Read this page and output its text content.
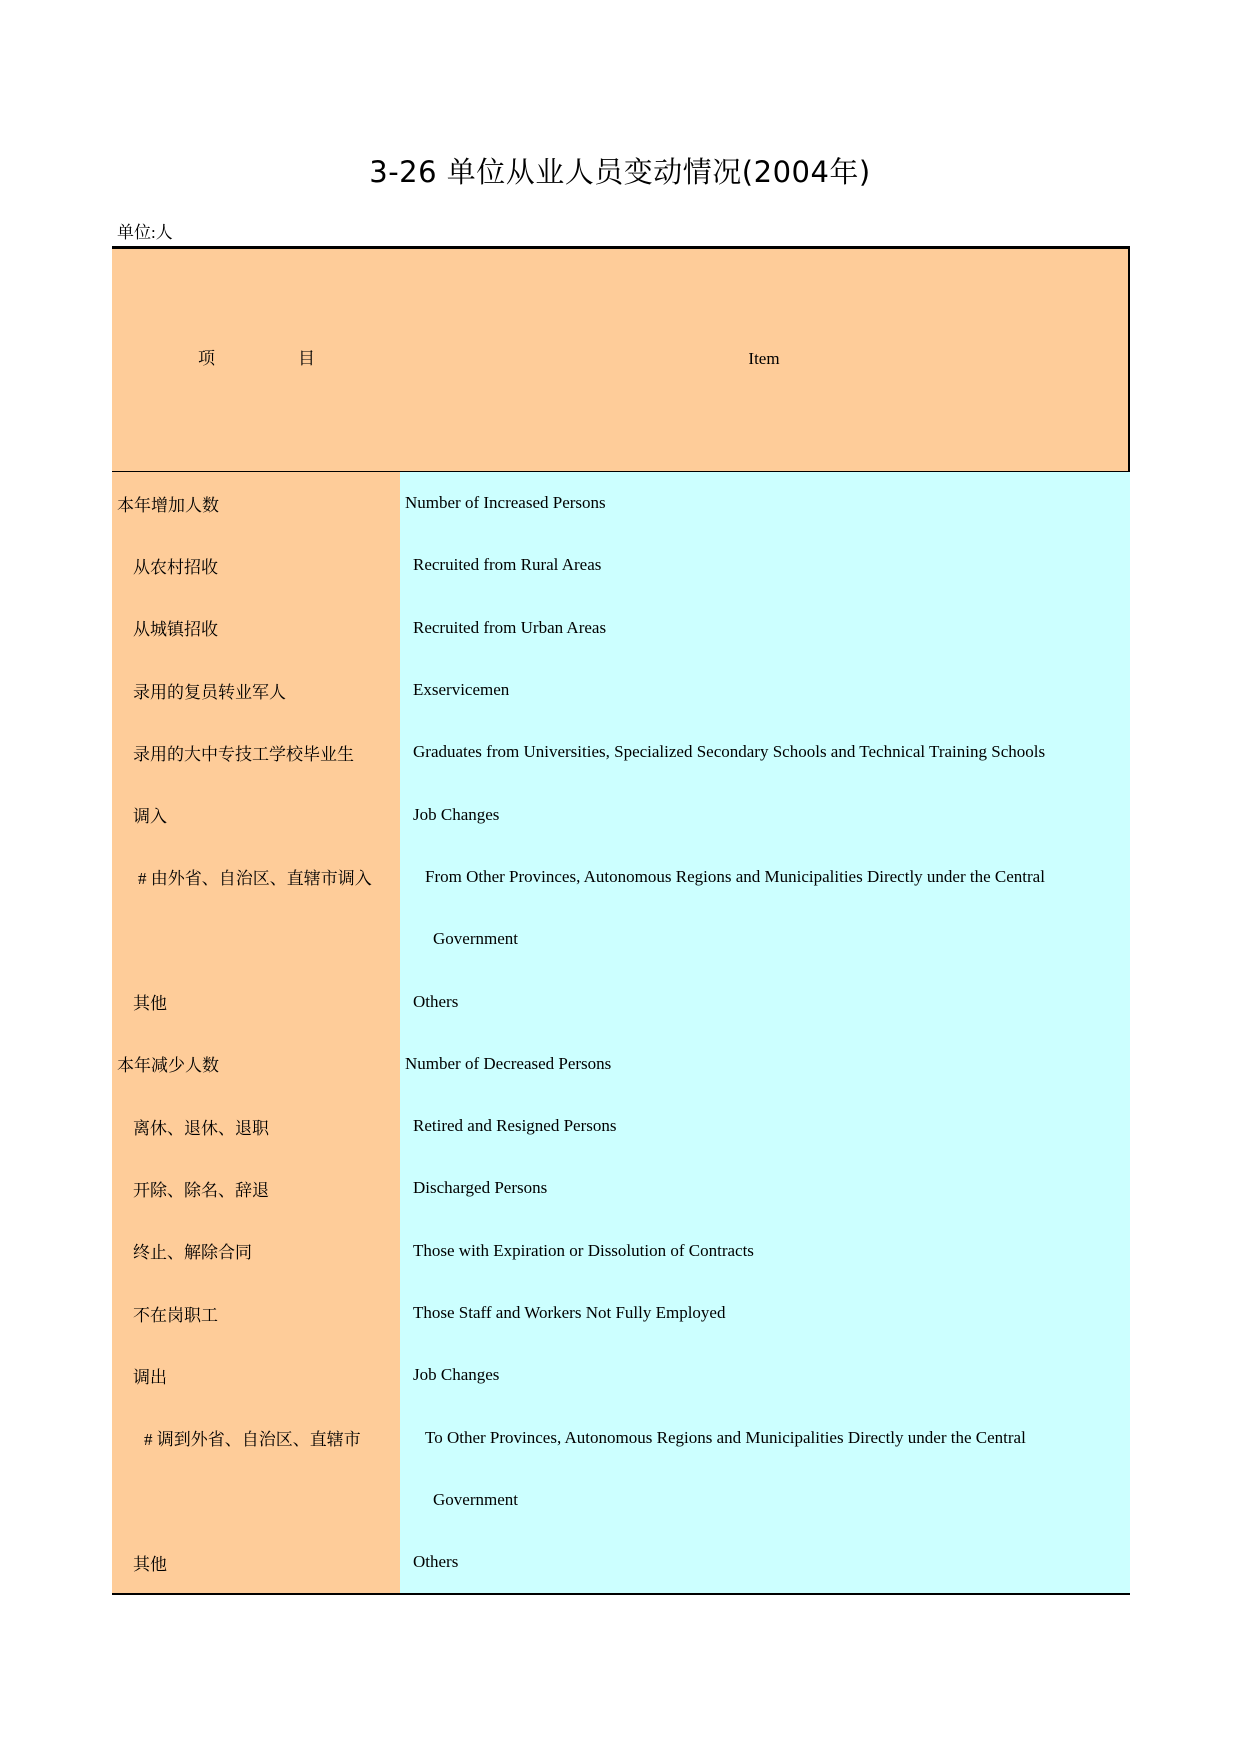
3-26 单位从业人员变动情况(2004年)
单位:人
项	目	Item
本年增加人数	Number of Increased Persons
从农村招收	Recruited from Rural Areas
从城镇招收	Recruited from Urban Areas
录用的复员转业军人	Exservicemen
录用的大中专技工学校毕业生	Graduates from Universities, Specialized Secondary Schools and Technical Training Schools
调入	Job Changes
# 由外省、自治区、直辖市调入	From Other Provinces, Autonomous Regions and Municipalities Directly under the Central
Government
其他	Others
本年减少人数	Number of Decreased Persons
离休、退休、退职	Retired and Resigned Persons
开除、除名、辞退	Discharged Persons
终止、解除合同	Those with Expiration or Dissolution of Contracts
不在岗职工	Those Staff and Workers Not Fully Employed
调出	Job Changes
# 调到外省、自治区、直辖市	To Other Provinces, Autonomous Regions and Municipalities Directly under the Central
Government
其他	Others
